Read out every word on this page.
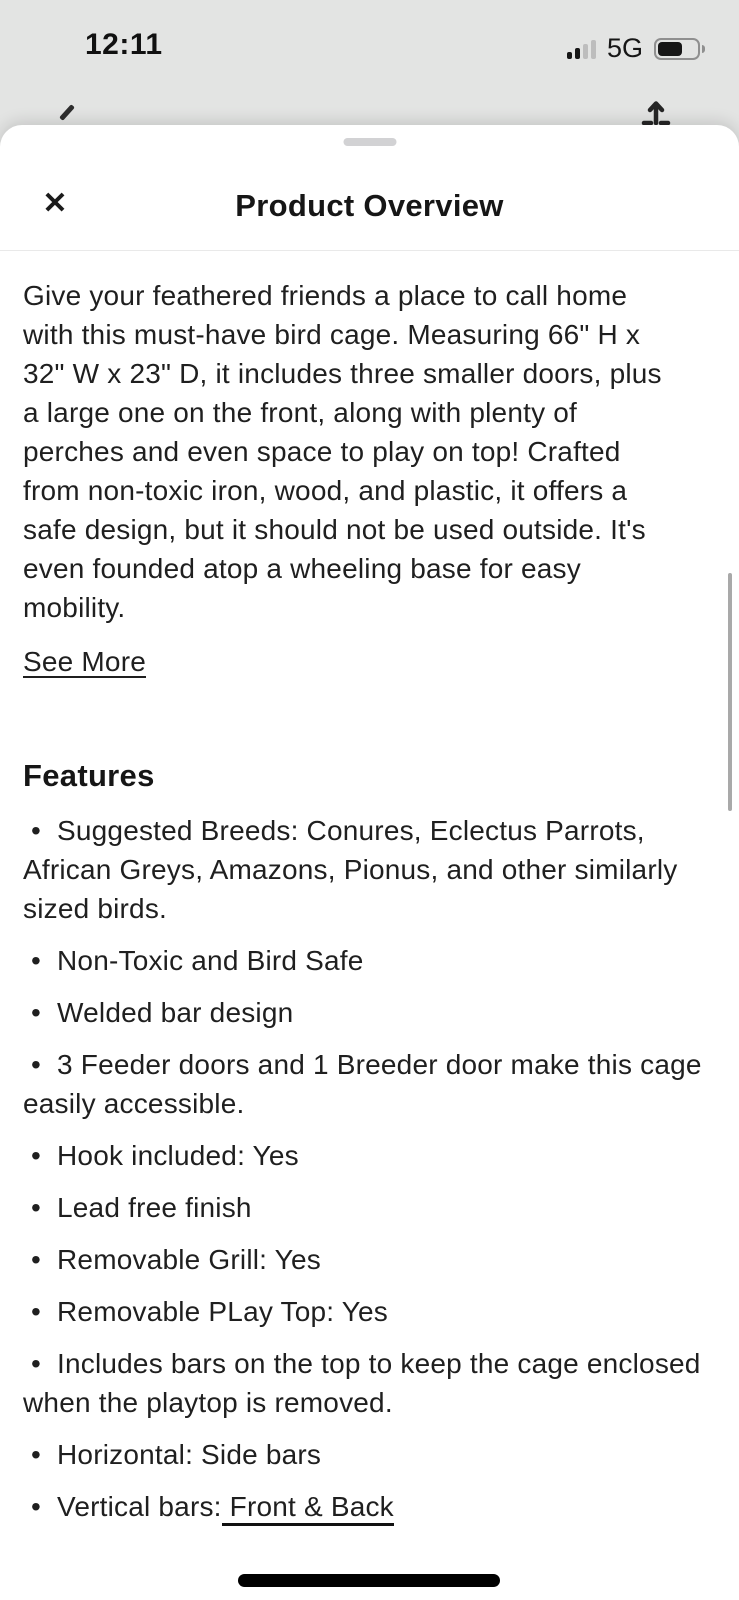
12:11	5G
✕	Product Overview

Give your feathered friends a place to call home with this must-have bird cage. Measuring 66" H x 32" W x 23" D, it includes three smaller doors, plus a large one on the front, along with plenty of perches and even space to play on top! Crafted from non-toxic iron, wood, and plastic, it offers a safe design, but it should not be used outside. It's even founded atop a wheeling base for easy mobility.

See More
Features
• Suggested Breeds: Conures, Eclectus Parrots, African Greys, Amazons, Pionus, and other similarly sized birds.
• Non-Toxic and Bird Safe
• Welded bar design
• 3 Feeder doors and 1 Breeder door make this cage easily accessible.
• Hook included: Yes
• Lead free finish
• Removable Grill: Yes
• Removable PLay Top: Yes
• Includes bars on the top to keep the cage enclosed when the playtop is removed.
• Horizontal: Side bars
• Vertical bars: Front & Back
